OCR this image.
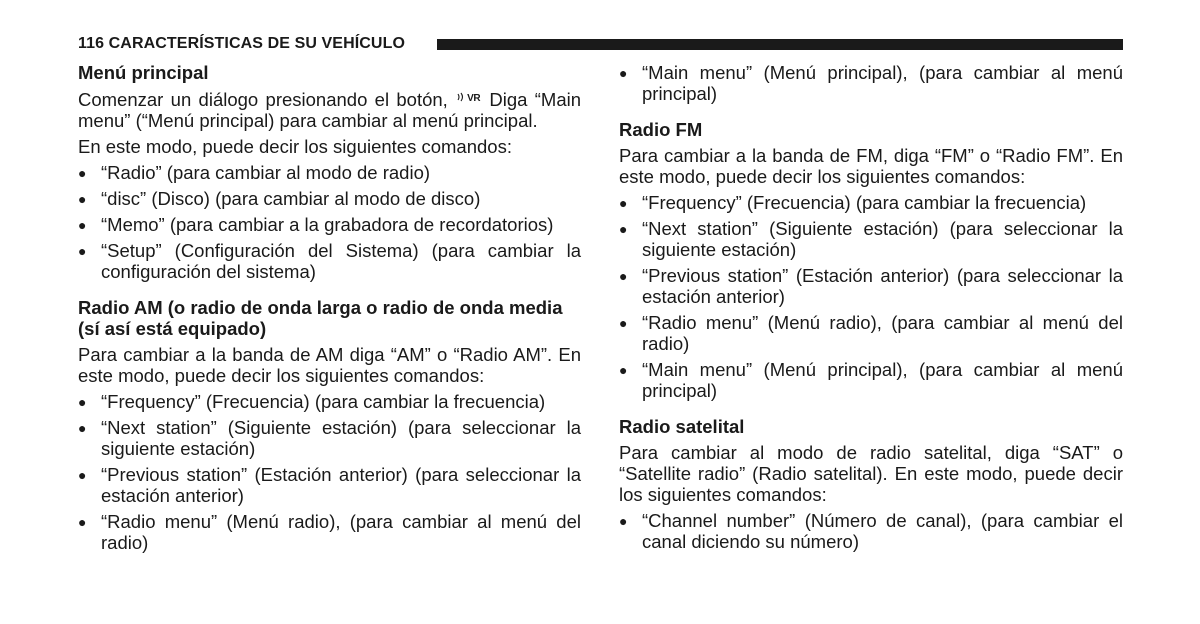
116 CARACTERÍSTICAS DE SU VEHÍCULO
Menú principal

Comenzar un diálogo presionando el botón, VR Diga “Main menu” (“Menú principal) para cambiar al menú principal.

En este modo, puede decir los siguientes comandos:

● “Radio” (para cambiar al modo de radio)
● “disc” (Disco) (para cambiar al modo de disco)
● “Memo” (para cambiar a la grabadora de recordatorios)
● “Setup” (Configuración del Sistema) (para cambiar la configuración del sistema)
Radio AM (o radio de onda larga o radio de onda media (sí así está equipado)

Para cambiar a la banda de AM diga “AM” o “Radio AM”. En este modo, puede decir los siguientes comandos:

● “Frequency” (Frecuencia) (para cambiar la frecuencia)
● “Next station” (Siguiente estación) (para seleccionar la siguiente estación)
● “Previous station” (Estación anterior) (para seleccionar la estación anterior)
● “Radio menu” (Menú radio), (para cambiar al menú del radio)
● “Main menu” (Menú principal), (para cambiar al menú principal)
Radio FM

Para cambiar a la banda de FM, diga “FM” o “Radio FM”. En este modo, puede decir los siguientes comandos:

● “Frequency” (Frecuencia) (para cambiar la frecuencia)
● “Next station” (Siguiente estación) (para seleccionar la siguiente estación)
● “Previous station” (Estación anterior) (para seleccionar la estación anterior)
● “Radio menu” (Menú radio), (para cambiar al menú del radio)
● “Main menu” (Menú principal), (para cambiar al menú principal)
Radio satelital

Para cambiar al modo de radio satelital, diga “SAT” o “Satellite radio” (Radio satelital). En este modo, puede decir los siguientes comandos:

● “Channel number” (Número de canal), (para cambiar el canal diciendo su número)
